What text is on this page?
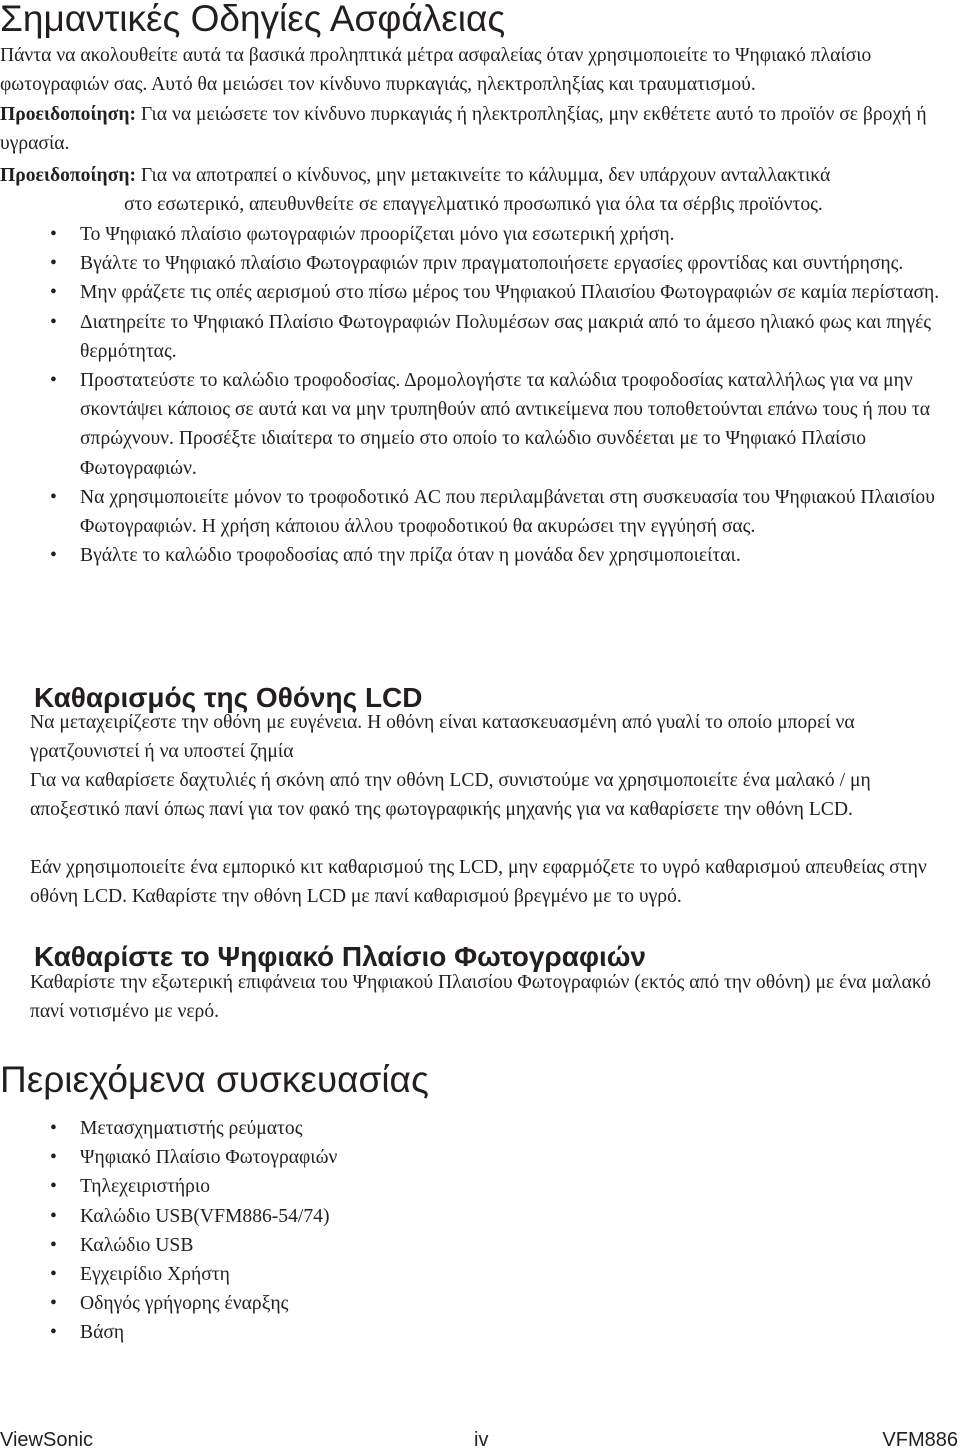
Σημαντικές Οδηγίες Ασφάλειας

Πάντα να ακολουθείτε αυτά τα βασικά προληπτικά μέτρα ασφαλείας όταν χρησιμοποιείτε το Ψηφιακό πλαίσιο φωτογραφιών σας. Αυτό θα μειώσει τον κίνδυνο πυρκαγιάς, ηλεκτροπληξίας και τραυματισμού.

Προειδοποίηση: Για να μειώσετε τον κίνδυνο πυρκαγιάς ή ηλεκτροπληξίας, μην εκθέτετε αυτό το προϊόν σε βροχή ή υγρασία.

Προειδοποίηση: Για να αποτραπεί ο κίνδυνος, μην μετακινείτε το κάλυμμα, δεν υπάρχουν ανταλλακτικά
στο εσωτερικό, απευθυνθείτε σε επαγγελματικό προσωπικό για όλα τα σέρβις προϊόντος.

• Το Ψηφιακό πλαίσιο φωτογραφιών προορίζεται μόνο για εσωτερική χρήση.
• Βγάλτε το Ψηφιακό πλαίσιο Φωτογραφιών πριν πραγματοποιήσετε εργασίες φροντίδας και συντήρησης.
• Μην φράζετε τις οπές αερισμού στο πίσω μέρος του Ψηφιακού Πλαισίου Φωτογραφιών σε καμία περίσταση.
• Διατηρείτε το Ψηφιακό Πλαίσιο Φωτογραφιών Πολυμέσων σας μακριά από το άμεσο ηλιακό φως και πηγές θερμότητας.
• Προστατεύστε το καλώδιο τροφοδοσίας. Δρομολογήστε τα καλώδια τροφοδοσίας καταλλήλως για να μην σκοντάψει κάποιος σε αυτά και να μην τρυπηθούν από αντικείμενα που τοποθετούνται επάνω τους ή που τα σπρώχνουν. Προσέξτε ιδιαίτερα το σημείο στο οποίο το καλώδιο συνδέεται με το Ψηφιακό Πλαίσιο Φωτογραφιών.
• Να χρησιμοποιείτε μόνον το τροφοδοτικό AC που περιλαμβάνεται στη συσκευασία του Ψηφιακού Πλαισίου Φωτογραφιών. Η χρήση κάποιου άλλου τροφοδοτικού θα ακυρώσει την εγγύησή σας.
• Βγάλτε το καλώδιο τροφοδοσίας από την πρίζα όταν η μονάδα δεν χρησιμοποιείται.
Καθαρισμός της Οθόνης LCD

Να μεταχειρίζεστε την οθόνη με ευγένεια. Η οθόνη είναι κατασκευασμένη από γυαλί το οποίο μπορεί να γρατζουνιστεί ή να υποστεί ζημία

Για να καθαρίσετε δαχτυλιές ή σκόνη από την οθόνη LCD, συνιστούμε να χρησιμοποιείτε ένα μαλακό / μη αποξεστικό πανί όπως πανί για τον φακό της φωτογραφικής μηχανής για να καθαρίσετε την οθόνη LCD.

Εάν χρησιμοποιείτε ένα εμπορικό κιτ καθαρισμού της LCD, μην εφαρμόζετε το υγρό καθαρισμού απευθείας στην οθόνη LCD. Καθαρίστε την οθόνη LCD με πανί καθαρισμού βρεγμένο με το υγρό.

Καθαρίστε το Ψηφιακό Πλαίσιο Φωτογραφιών

Καθαρίστε την εξωτερική επιφάνεια του Ψηφιακού Πλαισίου Φωτογραφιών (εκτός από την οθόνη) με ένα μαλακό πανί νοτισμένο με νερό.

Περιεχόμενα συσκευασίας
• Μετασχηματιστής ρεύματος
• Ψηφιακό Πλαίσιο Φωτογραφιών
• Τηλεχειριστήριο
• Καλώδιο USB(VFM886-54/74)
• Καλώδιο USB
• Εγχειρίδιο Χρήστη
• Οδηγός γρήγορης έναρξης
• Βάση
ViewSonic	iv	VFM886
